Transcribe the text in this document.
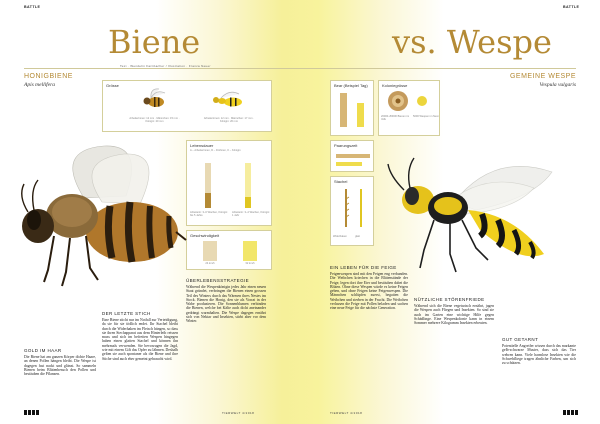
BATTLE	BATTLE
Biene	vs. Wespe
Text · Wendelin Farnbacher / Illustration · Franca Neuer
HONIGBIENE
Apis mellifera
GEMEINE WESPE
Vespula vulgaris
Grösse
Arbeiterinnen: 12 mm · Männchen: 15 mm · Königin: 20 mm
Arbeiterinnen: 12 mm · Männchen: 17 mm · Königin: 20 mm
Lebensdauer
A – Arbeiterinnen, D – Drohnen, K – Königin
Arbeiterin: 3–6 Wochen, Königin: bis 5 Jahre
Arbeiterin: 3–4 Wochen, Königin: 1 Jahr
Geschwindigkeit
24 km/h	32 km/h
Bear (Beispiel Tag)	Koloniegrösse
20000–80000 Bienen im Volk
5000 Wespen im Nest
Paarungszeit
Stachel
Widerhaken	glatt
DER LETZTE STICH
Eine Biene sticht nur im Notfall zur Verteidigung, da sie für sie tödlich endet. Ihr Stachel bleibt durch die Widerhaken im Fleisch hängen, so dass sie ihren Stechapparat aus dem Hinterleib reissen muss und sich im befreiten Wespen hingegen haben einen glatten Stachel und können ihn mehrmals verwenden. Sie bevorzugen die Jagd, wie mit einem Gift das Opfer zu lähmen. Deshalb gelten sie auch spontaner als die Biene und ihre Stiche sind auch eher gemeint gebraucht wird.
ÜBERLEBENSSTRATEGIE
Während die Wespenkönigin jedes Jahr einen neuen Staat gründet, verbringen die Bienen einen grossen Teil des Winters durch das Wärmen ihres Nestes im Stock. Bienen die Honig, den sie als Vorrat in der Wabe produzieren. Die Sonnenblumen verbinden die Bienen, welche bei Kälte auch dicht aneinander gedrängt warmhalten. Die Wespe dagegen ernährt sich von Nektar und Insekten, stirbt aber vor dem Winter.
GOLD IM HAAR
Die Biene hat am ganzen Körper dichte Haare, an denen Pollen hängen bleibt. Die Wespe ist dagegen fast nackt und glänzt. So sammeln Bienen beim Blütenbesuch den Pollen und bestäuben die Pflanzen.
EIN LEBEN FÜR DIE FEIGE
Feigenwespen sind mit den Feigen eng verbunden. Die Weibchen kriechen in die Blütenstände der Feige, legen dort ihre Eier und bestäuben dabei die Blüten. Ohne diese Wespen würde es keine Feigen geben, und ohne Feigen keine Feigenwespen. Die Männchen schlüpfen zuerst, begatten die Weibchen und sterben in der Frucht. Die Weibchen verlassen die Feige mit Pollen beladen und suchen eine neue Feige für die nächste Generation.
NÜTZLICHE STÖRENFRIEDE
Während sich die Biene vegetarisch ernährt, jagen die Wespen auch Fliegen und Insekten. So sind sie auch im Garten eine wichtige Hilfe gegen Schädlinge. Eine Wespenkolonie kann in einem Sommer mehrere Kilogramm Insekten erbeuten.
GUT GETARNT
Potentielle Angreifer wissen durch das markante gelb-schwarze Muster, dass sich das Tier wehren kann. Viele harmlose Insekten wie die Schwebfliege tragen ähnliche Farben, um sich zu schützen.
TIERWELT 4/2018	TIERWELT 4/2018
